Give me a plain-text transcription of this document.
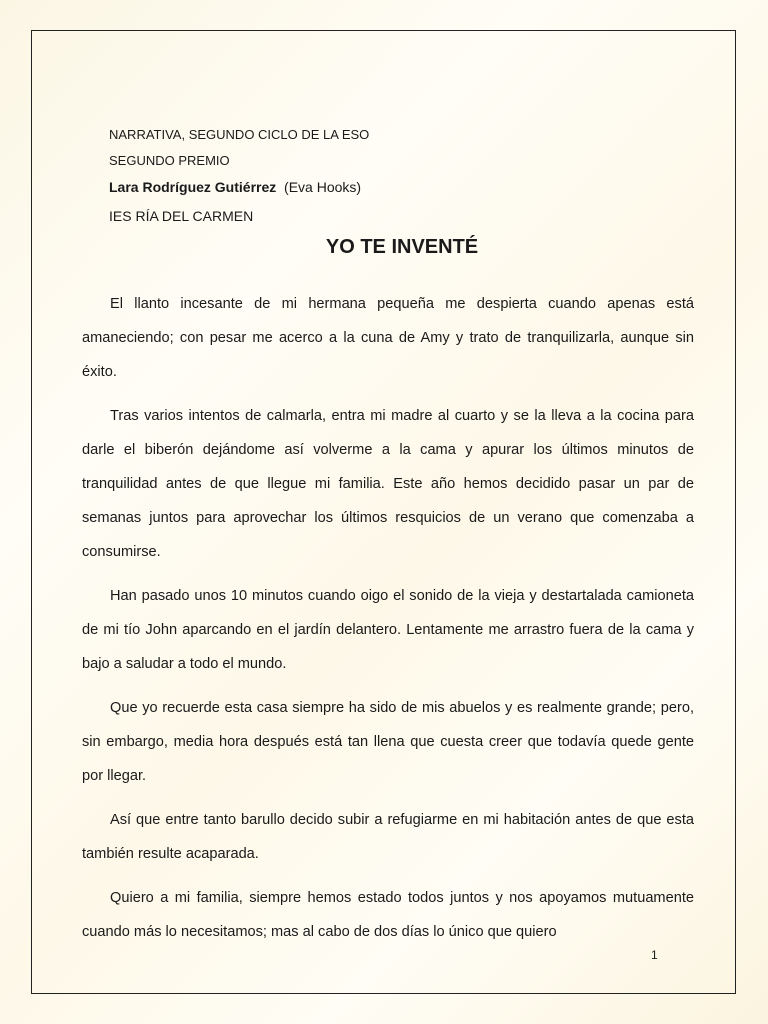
NARRATIVA, SEGUNDO CICLO DE LA ESO
SEGUNDO PREMIO
Lara Rodríguez Gutiérrez (Eva Hooks)
IES RÍA DEL CARMEN
YO TE INVENTÉ

El llanto incesante de mi hermana pequeña me despierta cuando apenas está amaneciendo; con pesar me acerco a la cuna de Amy y trato de tranquilizarla, aunque sin éxito.

Tras varios intentos de calmarla, entra mi madre al cuarto y se la lleva a la cocina para darle el biberón dejándome así volverme a la cama y apurar los últimos minutos de tranquilidad antes de que llegue mi familia. Este año hemos decidido pasar un par de semanas juntos para aprovechar los últimos resquicios de un verano que comenzaba a consumirse.

Han pasado unos 10 minutos cuando oigo el sonido de la vieja y destartalada camioneta de mi tío John aparcando en el jardín delantero. Lentamente me arrastro fuera de la cama y bajo a saludar a todo el mundo.

Que yo recuerde esta casa siempre ha sido de mis abuelos y es realmente grande; pero, sin embargo, media hora después está tan llena que cuesta creer que todavía quede gente por llegar.

Así que entre tanto barullo decido subir a refugiarme en mi habitación antes de que esta también resulte acaparada.

Quiero a mi familia, siempre hemos estado todos juntos y nos apoyamos mutuamente cuando más lo necesitamos; mas al cabo de dos días lo único que quiero

1
